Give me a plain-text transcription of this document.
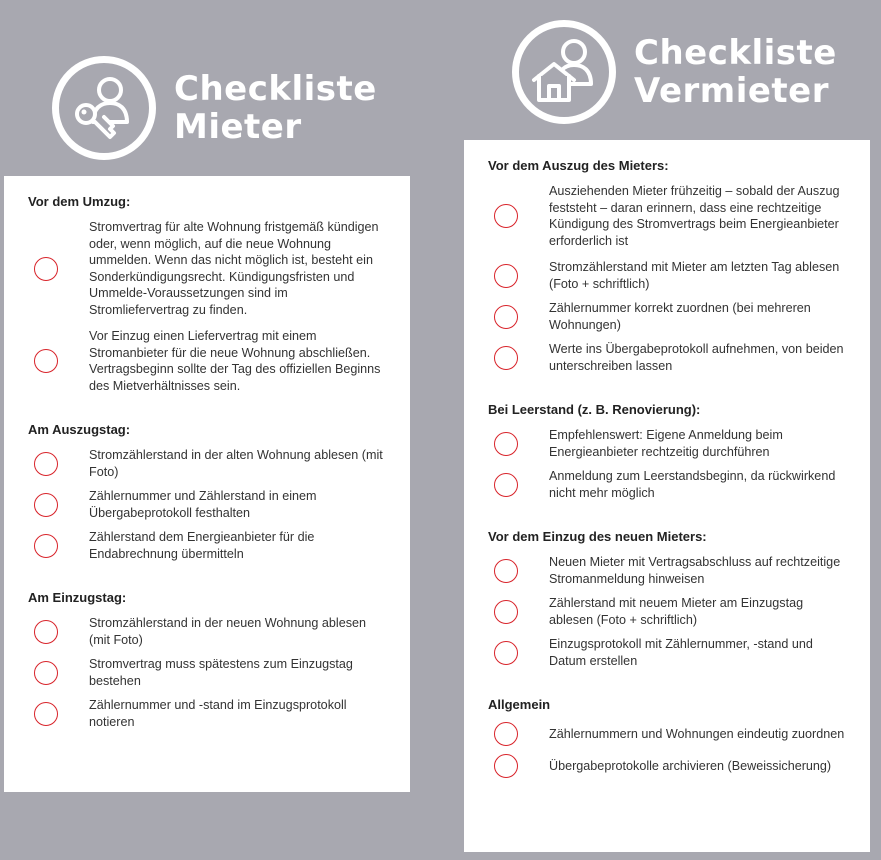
Checkliste
Mieter
Checkliste
Vermieter
Vor dem Umzug:
Stromvertrag für alte Wohnung fristgemäß kündigen oder, wenn möglich, auf die neue Wohnung ummelden. Wenn das nicht möglich ist, besteht ein Sonderkündigungsrecht. Kündigungsfristen und Ummelde-Voraussetzungen sind im Stromliefervertrag zu finden.
Vor Einzug einen Liefervertrag mit einem Stromanbieter für die neue Wohnung abschließen. Vertragsbeginn sollte der Tag des offiziellen Beginns des Mietverhältnisses sein.
Am Auszugstag:
Stromzählerstand in der alten Wohnung ablesen (mit Foto)
Zählernummer und Zählerstand in einem Übergabeprotokoll festhalten
Zählerstand dem Energieanbieter für die Endabrechnung übermitteln
Am Einzugstag:
Stromzählerstand in der neuen Wohnung ablesen (mit Foto)
Stromvertrag muss spätestens zum Einzugstag bestehen
Zählernummer und -stand im Einzugsprotokoll notieren
Vor dem Auszug des Mieters:
Ausziehenden Mieter frühzeitig – sobald der Auszug feststeht – daran erinnern, dass eine rechtzeitige Kündigung des Stromvertrags beim Energieanbieter erforderlich ist
Stromzählerstand mit Mieter am letzten Tag ablesen (Foto + schriftlich)
Zählernummer korrekt zuordnen (bei mehreren Wohnungen)
Werte ins Übergabeprotokoll aufnehmen, von beiden unterschreiben lassen
Bei Leerstand (z. B. Renovierung):
Empfehlenswert: Eigene Anmeldung beim Energieanbieter rechtzeitig durchführen
Anmeldung zum Leerstandsbeginn, da rückwirkend nicht mehr möglich
Vor dem Einzug des neuen Mieters:
Neuen Mieter mit Vertragsabschluss auf rechtzeitige Stromanmeldung hinweisen
Zählerstand mit neuem Mieter am Einzugstag ablesen (Foto + schriftlich)
Einzugsprotokoll mit Zählernummer, -stand und Datum erstellen
Allgemein
Zählernummern und Wohnungen eindeutig zuordnen
Übergabeprotokolle archivieren (Beweissicherung)
